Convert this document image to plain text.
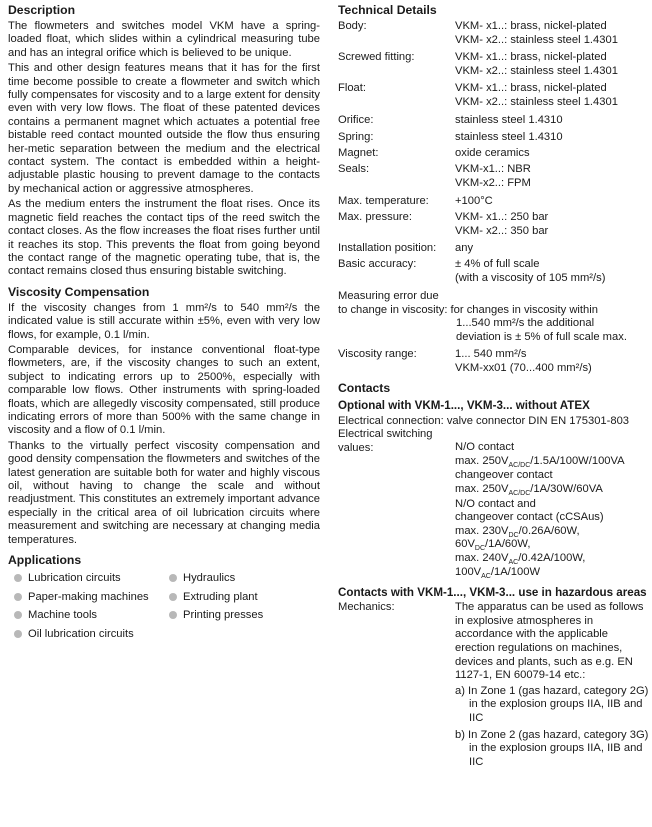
Description

The flowmeters and switches model VKM have a spring-loaded float, which slides within a cylindrical measuring tube and has an integral orifice which is believed to be unique.

This and other design features means that it has for the first time become possible to create a flowmeter and switch which fully compensates for viscosity and to a large extent for density even with very low flows. The float of these patented devices contains a permanent magnet which actuates a potential free bistable reed contact mounted outside the flow thus ensuring her-metic separation between the medium and the electrical contact system. The contact is embedded within a height-adjustable plastic housing to prevent damage to the contacts by mechanical action or aggressive atmospheres.

As the medium enters the instrument the float rises. Once its magnetic field reaches the contact tips of the reed switch the contact closes. As the flow increases the float rises further until it reaches its stop. This prevents the float from going beyond the contact range of the magnetic operating tube, that is, the contact remains closed thus ensuring bistable switching.

Viscosity Compensation

If the viscosity changes from 1 mm²/s to 540 mm²/s the indicated value is still accurate within ±5%, even with very low flows, for example, 0.1 l/min.

Comparable devices, for instance conventional float-type flowmeters, are, if the viscosity changes to such an extent, subject to indicating errors up to 2500%, especially with comparable low flows. Other instruments with spring-loaded floats, which are allegedly viscosity compensated, still produce indicating errors of more than 500% with the same change in viscosity and a flow of 0.1 l/min.

Thanks to the virtually perfect viscosity compensation and good density compensation the flowmeters and switches of the latest generation are suitable both for water and highly viscous oil, without having to change the scale and without readjustment. This constitutes an extremely important advance especially in the critical area of oil lubrication circuits where measurement and switching are necessary at changing media temperatures.

Applications
Lubrication circuits	Hydraulics
Paper-making machines	Extruding plant
Machine tools	Printing presses
Oil lubrication circuits
Technical Details
Body:	VKM- x1..: brass, nickel-plated
VKM- x2..: stainless steel 1.4301
Screwed fitting:	VKM- x1..: brass, nickel-plated
VKM- x2..: stainless steel 1.4301
Float:	VKM- x1..: brass, nickel-plated
VKM- x2..: stainless steel 1.4301
Orifice:	stainless steel 1.4310
Spring:	stainless steel 1.4310
Magnet:	oxide ceramics
Seals:	VKM-x1..: NBR
VKM-x2..: FPM
Max. temperature:	+100°C
Max. pressure:	VKM- x1..: 250 bar
VKM- x2..: 350 bar
Installation position:	any
Basic accuracy:	± 4% of full scale
(with a viscosity of 105 mm²/s)
Measuring error due
to change in viscosity: for changes in viscosity within
1...540 mm²/s the additional
deviation is ± 5% of full scale max.
Viscosity range:	1... 540 mm²/s
VKM-xx01 (70...400 mm²/s)
Contacts
Optional with VKM-1..., VKM-3... without ATEX
Electrical connection: valve connector DIN EN 175301-803
Electrical switching
values:	N/O contact
max. $250V_{AC/DC}/1.5A/100W/100VA$
changeover contact
max. $250V_{AC/DC}/1A/30W/60VA$
N/O contact and
changeover contact (cCSAus)
max. $230V_{DC}/0.26A/60W$,
$60V_{DC}/1A/60W$,
max. $240V_{AC}/0.42A/100W$,
$100V_{AC}/1A/100W$
Contacts with VKM-1..., VKM-3... use in hazardous areas
Mechanics:	The apparatus can be used as follows in explosive atmospheres in accordance with the applicable erection regulations on machines, devices and plants, such as e.g. EN 1127-1, EN 60079-14 etc.:
a) In Zone 1 (gas hazard, category 2G) in the explosion groups IIA, IIB and IIC
b) In Zone 2 (gas hazard, category 3G) in the explosion groups IIA, IIB and IIC
